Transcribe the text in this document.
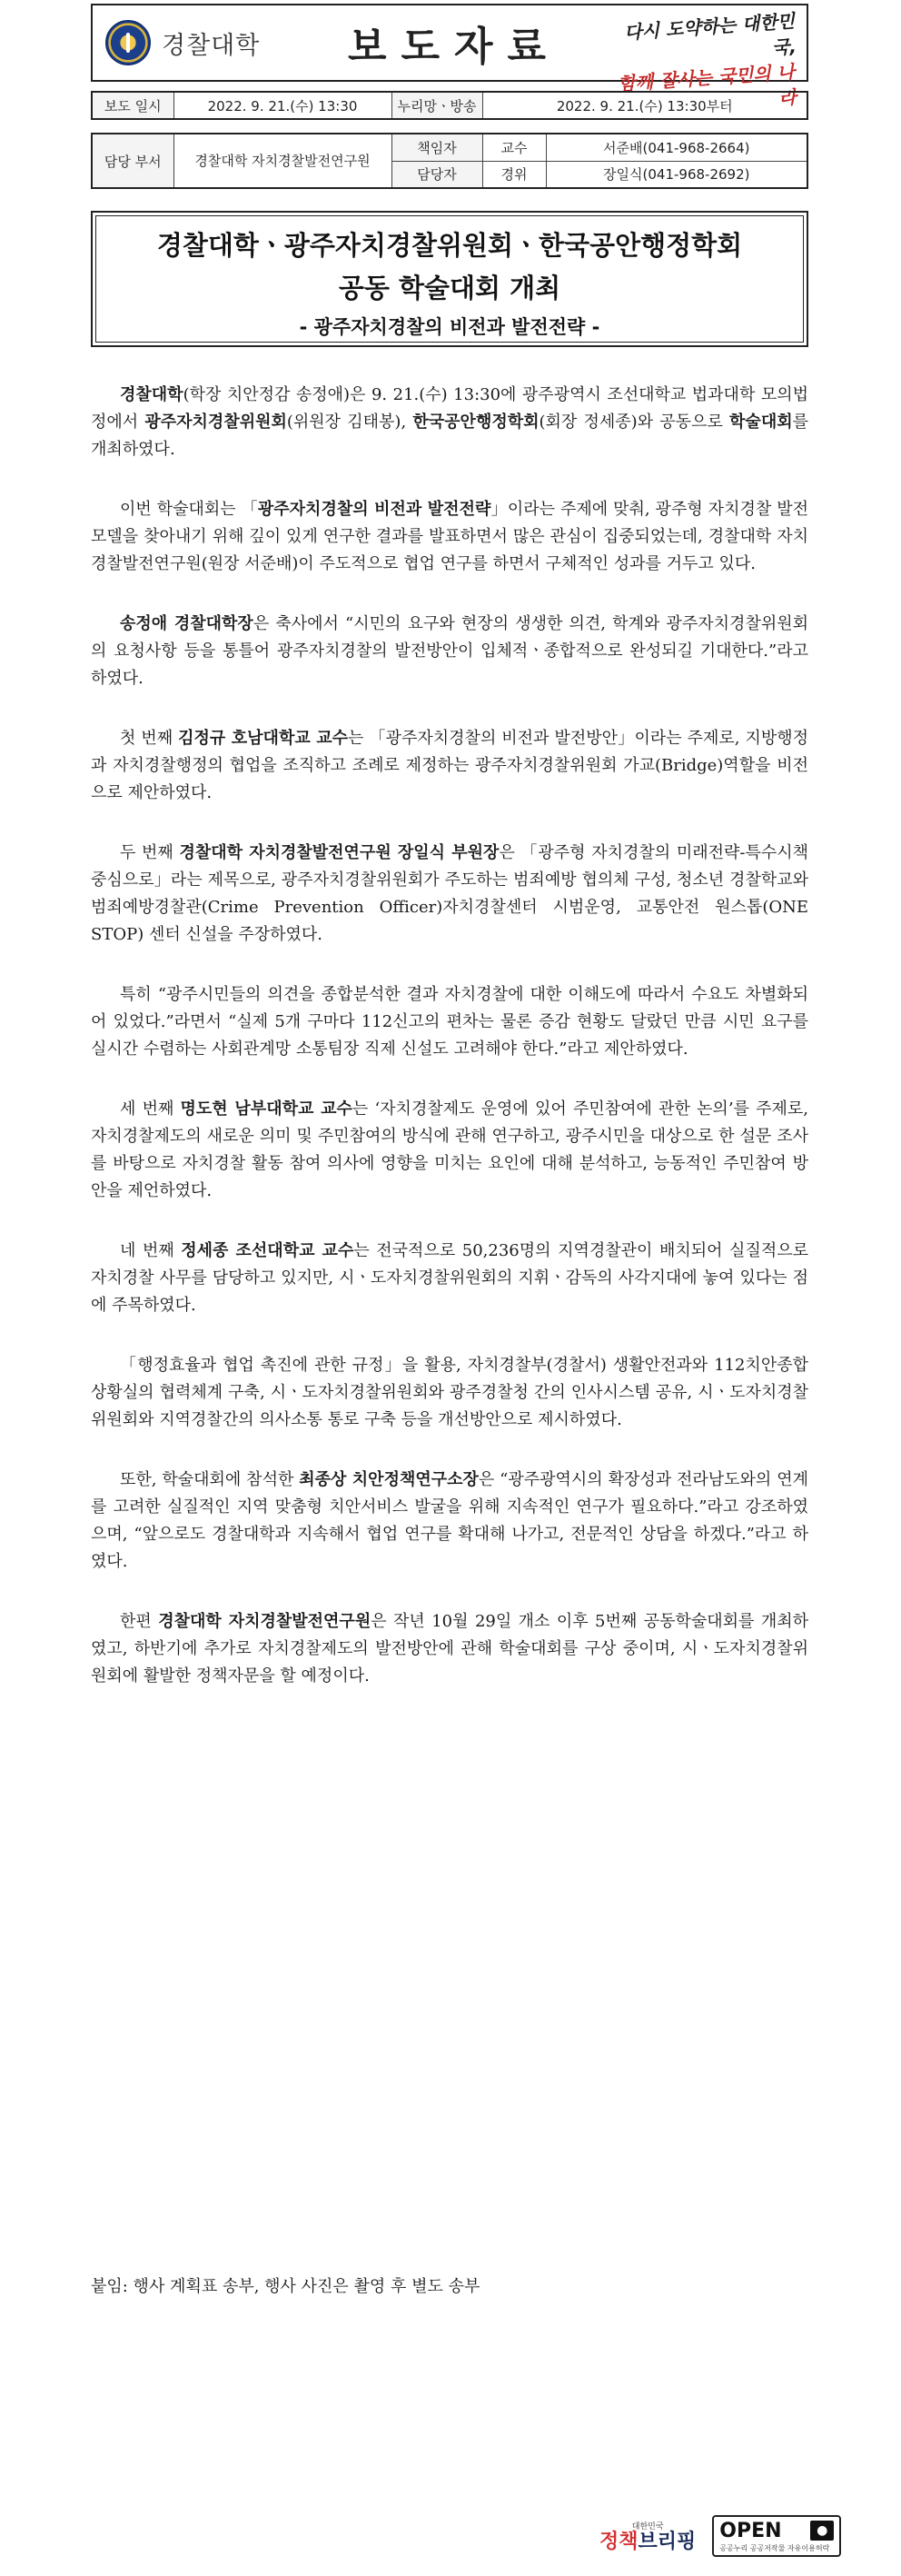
경찰대학	보도자료	다시 도약하는 대한민국,
함께 잘사는 국민의 나라
보도 일시	2022. 9. 21.(수) 13:30	누리망ㆍ방송	2022. 9. 21.(수) 13:30부터
담당 부서	경찰대학 자치경찰발전연구원	책임자	교수	서준배(041-968-2664)
		담당자	경위	장일식(041-968-2692)
경찰대학ㆍ광주자치경찰위원회ㆍ한국공안행정학회
공동 학술대회 개최
- 광주자치경찰의 비전과 발전전략 -

경찰대학(학장 치안정감 송정애)은 9. 21.(수) 13:30에 광주광역시 조선대학교 법과대학 모의법정에서 광주자치경찰위원회(위원장 김태봉), 한국공안행정학회(회장 정세종)와 공동으로 학술대회를 개최하였다.

이번 학술대회는 「광주자치경찰의 비전과 발전전략」이라는 주제에 맞춰, 광주형 자치경찰 발전모델을 찾아내기 위해 깊이 있게 연구한 결과를 발표하면서 많은 관심이 집중되었는데, 경찰대학 자치경찰발전연구원(원장 서준배)이 주도적으로 협업 연구를 하면서 구체적인 성과를 거두고 있다.

송정애 경찰대학장은 축사에서 “시민의 요구와 현장의 생생한 의견, 학계와 광주자치경찰위원회의 요청사항 등을 통틀어 광주자치경찰의 발전방안이 입체적ㆍ종합적으로 완성되길 기대한다.”라고 하였다.

첫 번째 김정규 호남대학교 교수는 「광주자치경찰의 비전과 발전방안」이라는 주제로, 지방행정과 자치경찰행정의 협업을 조직하고 조례로 제정하는 광주자치경찰위원회 가교(Bridge)역할을 비전으로 제안하였다.

두 번째 경찰대학 자치경찰발전연구원 장일식 부원장은 「광주형 자치경찰의 미래전략-특수시책 중심으로」라는 제목으로, 광주자치경찰위원회가 주도하는 범죄예방 협의체 구성, 청소년 경찰학교와 범죄예방경찰관(Crime Prevention Officer)자치경찰센터 시범운영, 교통안전 원스톱(ONE STOP) 센터 신설을 주장하였다.

특히 “광주시민들의 의견을 종합분석한 결과 자치경찰에 대한 이해도에 따라서 수요도 차별화되어 있었다.”라면서 “실제 5개 구마다 112신고의 편차는 물론 증감 현황도 달랐던 만큼 시민 요구를 실시간 수렴하는 사회관계망 소통팀장 직제 신설도 고려해야 한다.”라고 제안하였다.

세 번째 명도현 남부대학교 교수는 ‘자치경찰제도 운영에 있어 주민참여에 관한 논의’를 주제로, 자치경찰제도의 새로운 의미 및 주민참여의 방식에 관해 연구하고, 광주시민을 대상으로 한 설문 조사를 바탕으로 자치경찰 활동 참여 의사에 영향을 미치는 요인에 대해 분석하고, 능동적인 주민참여 방안을 제언하였다.

네 번째 정세종 조선대학교 교수는 전국적으로 50,236명의 지역경찰관이 배치되어 실질적으로 자치경찰 사무를 담당하고 있지만, 시ㆍ도자치경찰위원회의 지휘ㆍ감독의 사각지대에 놓여 있다는 점에 주목하였다.

「행정효율과 협업 촉진에 관한 규정」을 활용, 자치경찰부(경찰서) 생활안전과와 112치안종합상황실의 협력체계 구축, 시ㆍ도자치경찰위원회와 광주경찰청 간의 인사시스템 공유, 시ㆍ도자치경찰위원회와 지역경찰간의 의사소통 통로 구축 등을 개선방안으로 제시하였다.

또한, 학술대회에 참석한 최종상 치안정책연구소장은 “광주광역시의 확장성과 전라남도와의 연계를 고려한 실질적인 지역 맞춤형 치안서비스 발굴을 위해 지속적인 연구가 필요하다.”라고 강조하였으며, “앞으로도 경찰대학과 지속해서 협업 연구를 확대해 나가고, 전문적인 상담을 하겠다.”라고 하였다.

한편 경찰대학 자치경찰발전연구원은 작년 10월 29일 개소 이후 5번째 공동학술대회를 개최하였고, 하반기에 추가로 자치경찰제도의 발전방안에 관해 학술대회를 구상 중이며, 시ㆍ도자치경찰위원회에 활발한 정책자문을 할 예정이다.

붙임: 행사 계획표 송부, 행사 사진은 촬영 후 별도 송부
대한민국
정책브리핑 OPEN	●
공공누리 공공저작물 자유이용허락
